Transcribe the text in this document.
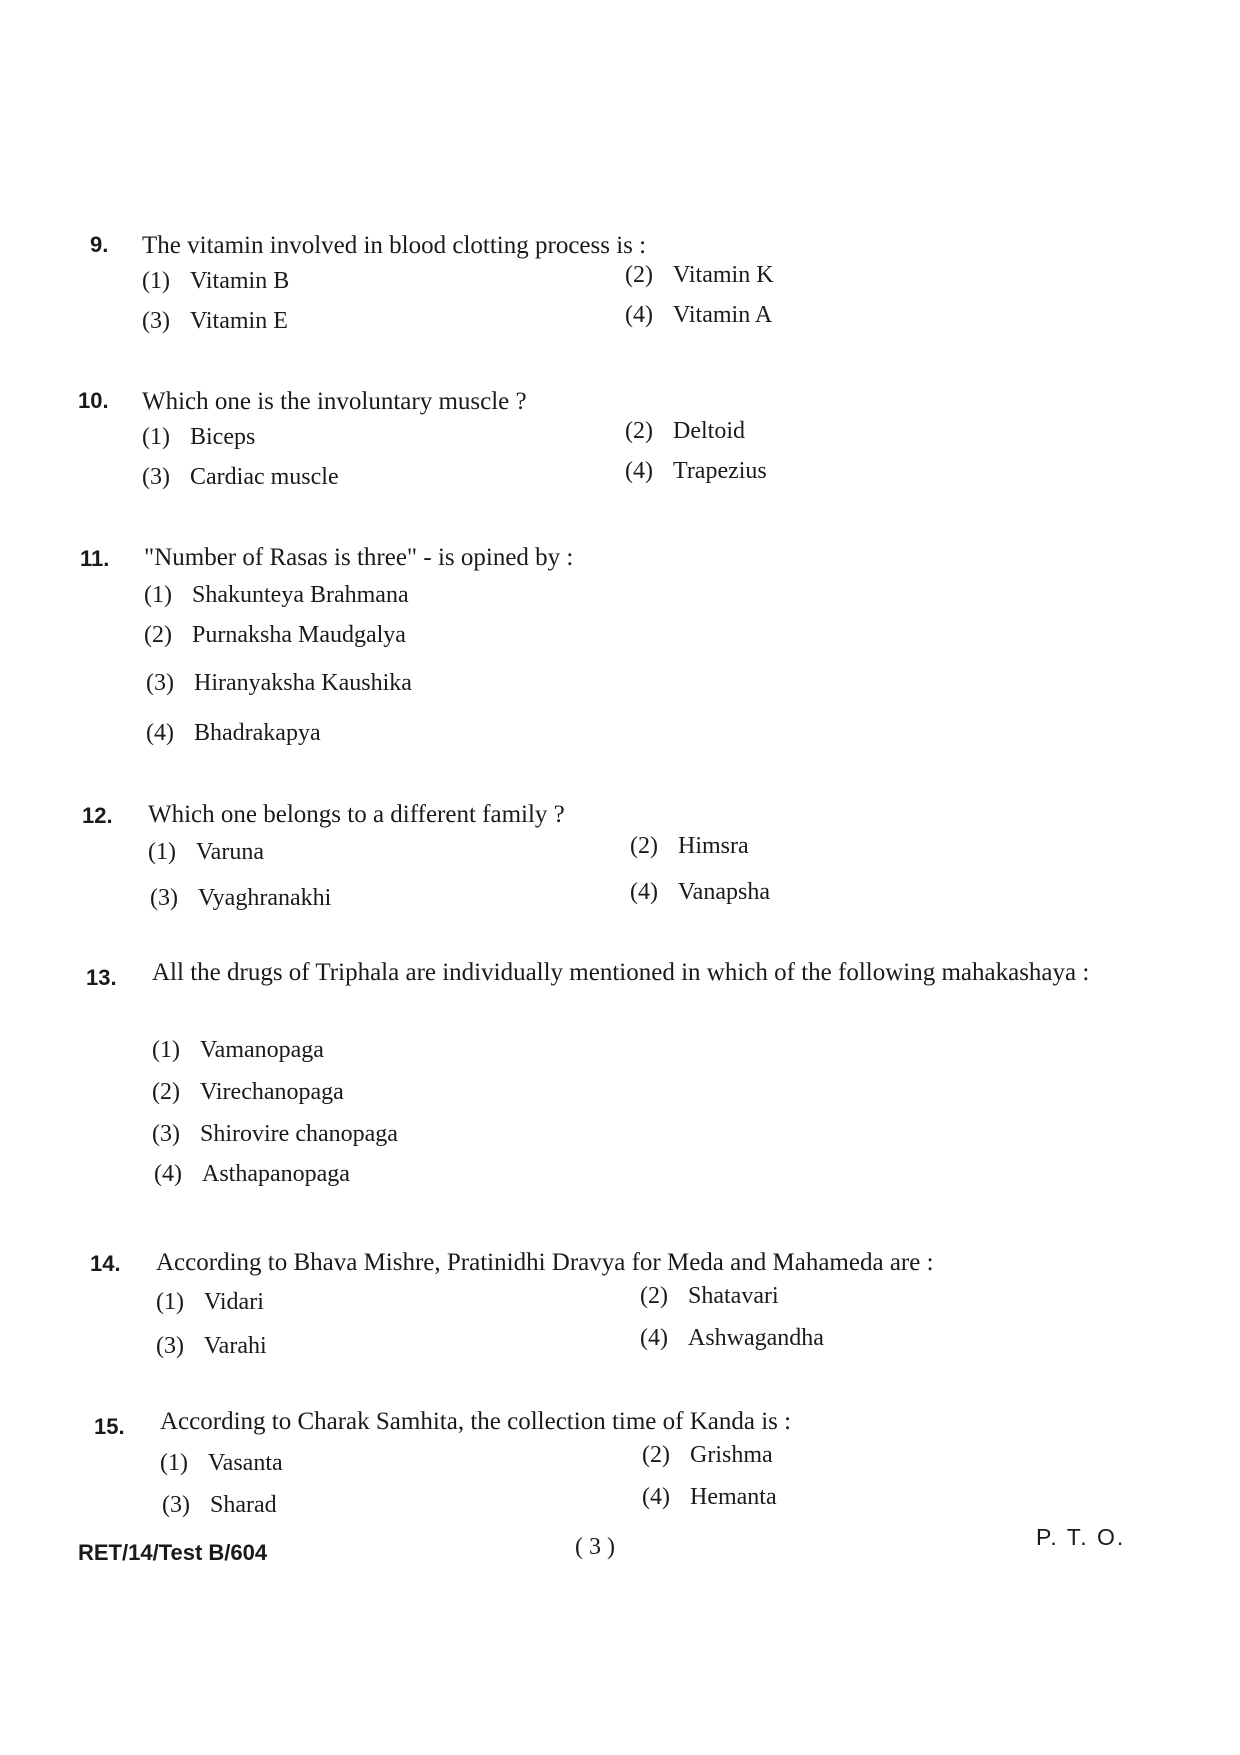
9. The vitamin involved in blood clotting process is :

(1) Vitamin B	(2) Vitamin K
(3) Vitamin E	(4) Vitamin A
10. Which one is the involuntary muscle ?

(1) Biceps	(2) Deltoid
(3) Cardiac muscle	(4) Trapezius
11. "Number of Rasas is three" - is opined by :

(1) Shakunteya Brahmana
(2) Purnaksha Maudgalya
(3) Hiranyaksha Kaushika
(4) Bhadrakapya
12. Which one belongs to a different family ?

(1) Varuna	(2) Himsra
(3) Vyaghranakhi	(4) Vanapsha
13. All the drugs of Triphala are individually mentioned in which of the following mahakashaya :

(1) Vamanopaga
(2) Virechanopaga
(3) Shirovire chanopaga
(4) Asthapanopaga
14. According to Bhava Mishre, Pratinidhi Dravya for Meda and Mahameda are :

(1) Vidari	(2) Shatavari
(3) Varahi	(4) Ashwagandha
15. According to Charak Samhita, the collection time of Kanda is :

(1) Vasanta	(2) Grishma
(3) Sharad	(4) Hemanta
RET/14/Test B/604	( 3 )	P. T. O.
